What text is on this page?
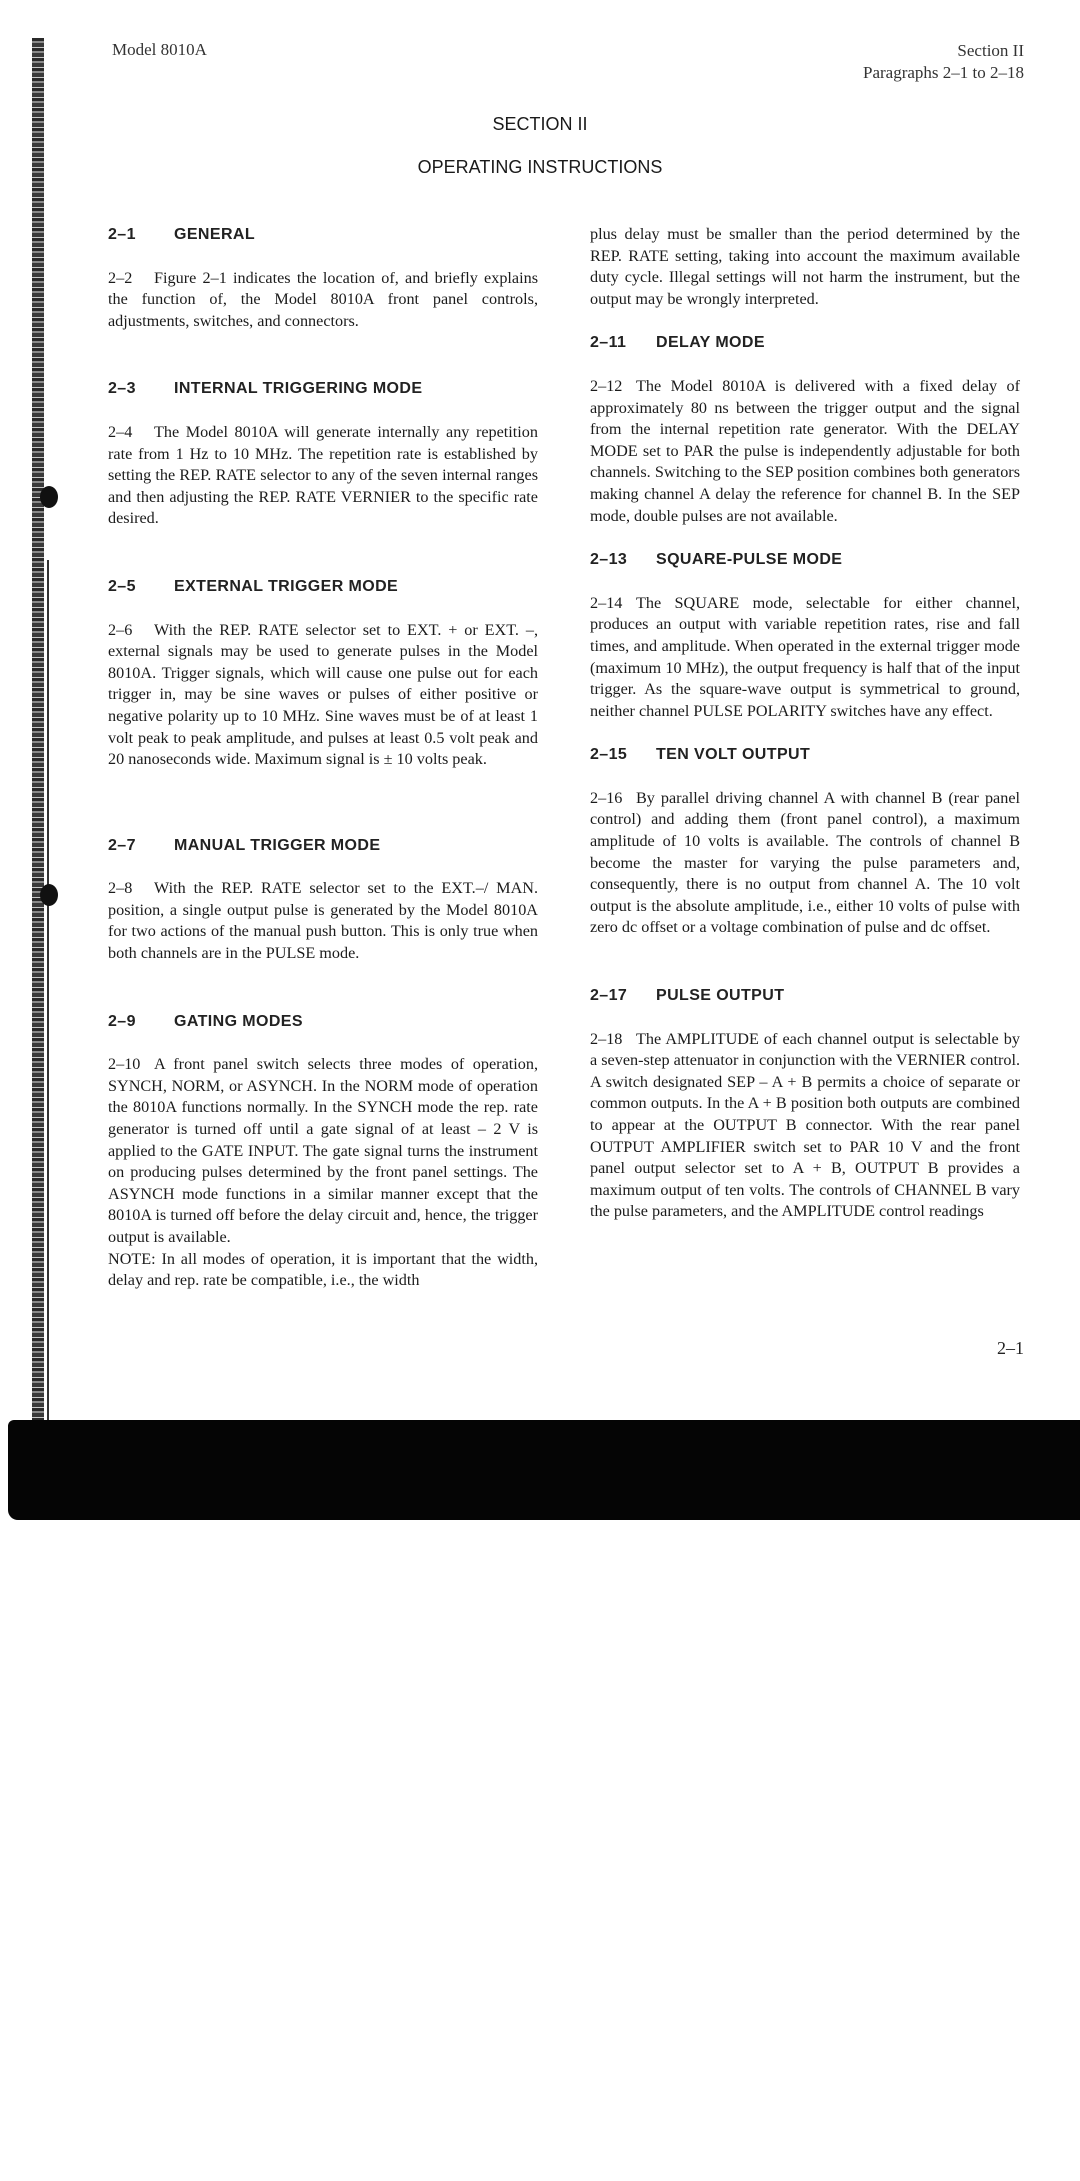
Model 8010A	Section II
Paragraphs 2–1 to 2–18
SECTION II
OPERATING INSTRUCTIONS
2–1 GENERAL

2–2 Figure 2–1 indicates the location of, and briefly explains the function of, the Model 8010A front panel controls, adjustments, switches, and connectors.

2–3 INTERNAL TRIGGERING MODE

2–4 The Model 8010A will generate internally any repetition rate from 1 Hz to 10 MHz. The repetition rate is established by setting the REP. RATE selector to any of the seven internal ranges and then adjusting the REP. RATE VERNIER to the specific rate desired.

2–5 EXTERNAL TRIGGER MODE

2–6 With the REP. RATE selector set to EXT. + or EXT. –, external signals may be used to generate pulses in the Model 8010A. Trigger signals, which will cause one pulse out for each trigger in, may be sine waves or pulses of either positive or negative polarity up to 10 MHz. Sine waves must be of at least 1 volt peak to peak amplitude, and pulses at least 0.5 volt peak and 20 nanoseconds wide. Maximum signal is ± 10 volts peak.

2–7 MANUAL TRIGGER MODE

2–8 With the REP. RATE selector set to the EXT.–/ MAN. position, a single output pulse is generated by the Model 8010A for two actions of the manual push button. This is only true when both channels are in the PULSE mode.

2–9 GATING MODES

2–10 A front panel switch selects three modes of operation, SYNCH, NORM, or ASYNCH. In the NORM mode of operation the 8010A functions normally. In the SYNCH mode the rep. rate generator is turned off until a gate signal of at least – 2 V is applied to the GATE INPUT. The gate signal turns the instrument on producing pulses determined by the front panel settings. The ASYNCH mode functions in a similar manner except that the 8010A is turned off before the delay circuit and, hence, the trigger output is available.

NOTE: In all modes of operation, it is important that the width, delay and rep. rate be compatible, i.e., the width

plus delay must be smaller than the period determined by the REP. RATE setting, taking into account the maximum available duty cycle. Illegal settings will not harm the instrument, but the output may be wrongly interpreted.

2–11 DELAY MODE

2–12 The Model 8010A is delivered with a fixed delay of approximately 80 ns between the trigger output and the signal from the internal repetition rate generator. With the DELAY MODE set to PAR the pulse is independently adjustable for both channels. Switching to the SEP position combines both generators making channel A delay the reference for channel B. In the SEP mode, double pulses are not available.

2–13 SQUARE-PULSE MODE

2–14 The SQUARE mode, selectable for either channel, produces an output with variable repetition rates, rise and fall times, and amplitude. When operated in the external trigger mode (maximum 10 MHz), the output frequency is half that of the input trigger. As the square-wave output is symmetrical to ground, neither channel PULSE POLARITY switches have any effect.

2–15 TEN VOLT OUTPUT

2–16 By parallel driving channel A with channel B (rear panel control) and adding them (front panel control), a maximum amplitude of 10 volts is available. The controls of channel B become the master for varying the pulse parameters and, consequently, there is no output from channel A. The 10 volt output is the absolute amplitude, i.e., either 10 volts of pulse with zero dc offset or a voltage combination of pulse and dc offset.

2–17 PULSE OUTPUT

2–18 The AMPLITUDE of each channel output is selectable by a seven-step attenuator in conjunction with the VERNIER control. A switch designated SEP – A + B permits a choice of separate or common outputs. In the A + B position both outputs are combined to appear at the OUTPUT B connector. With the rear panel OUTPUT AMPLIFIER switch set to PAR 10 V and the front panel output selector set to A + B, OUTPUT B provides a maximum output of ten volts. The controls of CHANNEL B vary the pulse parameters, and the AMPLITUDE control readings

2–1
